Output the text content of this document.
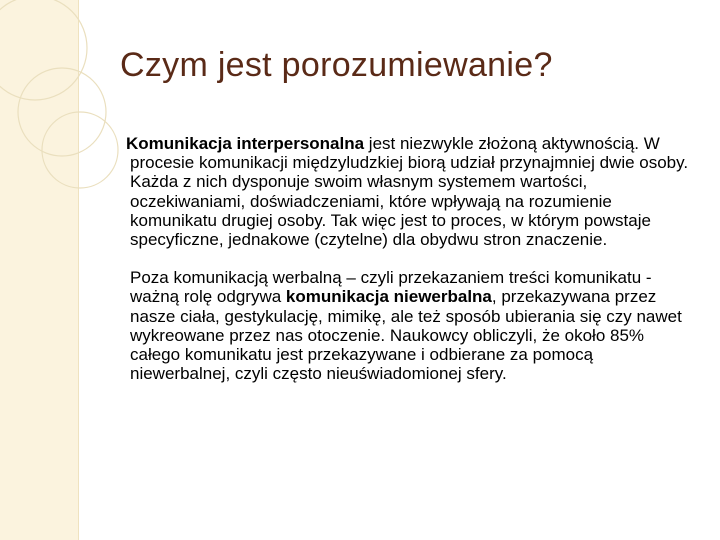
Czym jest porozumiewanie?

Komunikacja interpersonalna jest niezwykle złożoną aktywnością. W procesie komunikacji międzyludzkiej biorą udział przynajmniej dwie osoby. Każda z nich dysponuje swoim własnym systemem wartości, oczekiwaniami, doświadczeniami, które wpływają na rozumienie komunikatu drugiej osoby. Tak więc jest to proces, w którym powstaje specyficzne, jednakowe (czytelne) dla obydwu stron znaczenie.

Poza komunikacją werbalną – czyli przekazaniem treści komunikatu - ważną rolę odgrywa komunikacja niewerbalna, przekazywana przez nasze ciała, gestykulację, mimikę, ale też sposób ubierania się czy nawet wykreowane przez nas otoczenie. Naukowcy obliczyli, że około 85% całego komunikatu jest przekazywane i odbierane za pomocą niewerbalnej, czyli często nieuświadomionej sfery.
